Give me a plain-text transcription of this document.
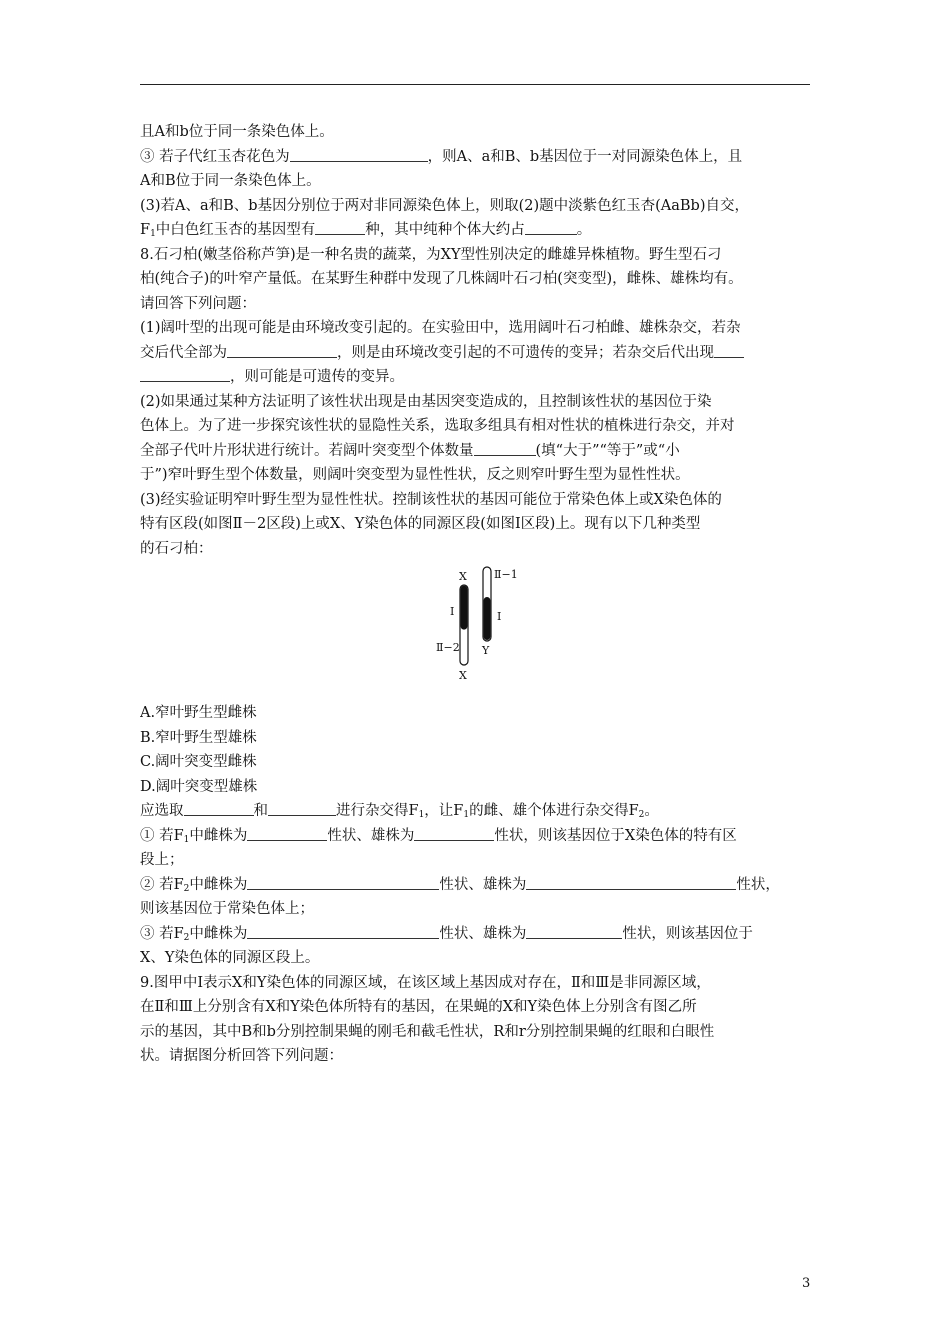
且A和b位于同一条染色体上。
③ 若子代红玉杏花色为	，则A、a和B、b基因位于一对同源染色体上，且
A和B位于同一条染色体上。
(3)若A、a和B、b基因分别位于两对非同源染色体上，则取(2)题中淡紫色红玉杏(AaBb)自交，
$F_1$中白色红玉杏的基因型有	种，其中纯种个体大约占	。
8.石刁柏(嫩茎俗称芦笋)是一种名贵的蔬菜，为XY型性别决定的雌雄异株植物。野生型石刁
柏(纯合子)的叶窄产量低。在某野生种群中发现了几株阔叶石刁柏(突变型)，雌株、雄株均有。
请回答下列问题：
(1)阔叶型的出现可能是由环境改变引起的。在实验田中，选用阔叶石刁柏雌、雄株杂交，若杂
交后代全部为	，则是由环境改变引起的不可遗传的变异；若杂交后代出现
，则可能是可遗传的变异。
(2)如果通过某种方法证明了该性状出现是由基因突变造成的，且控制该性状的基因位于染
色体上。为了进一步探究该性状的显隐性关系，选取多组具有相对性状的植株进行杂交，并对
全部子代叶片形状进行统计。若阔叶突变型个体数量	(填“大于”“等于”或“小
于”)窄叶野生型个体数量，则阔叶突变型为显性性状，反之则窄叶野生型为显性性状。
(3)经实验证明窄叶野生型为显性性状。控制该性状的基因可能位于常染色体上或X染色体的
特有区段(如图Ⅱ－2区段)上或X、Y染色体的同源区段(如图Ⅰ区段)上。现有以下几种类型
的石刁柏：
X
Ⅰ
Ⅱ−2
X
Ⅱ−1
Ⅰ
Y
A.窄叶野生型雌株
B.窄叶野生型雄株
C.阔叶突变型雌株
D.阔叶突变型雄株
应选取	和	进行杂交得$F_1$，让$F_1$的雌、雄个体进行杂交得$F_2$。
① 若$F_1$中雌株为	性状、雄株为	性状，则该基因位于X染色体的特有区
段上；
② 若$F_2$中雌株为	性状、雄株为	性状，
则该基因位于常染色体上；
③ 若$F_2$中雌株为	性状、雄株为	性状，则该基因位于
X、Y染色体的同源区段上。
9.图甲中Ⅰ表示X和Y染色体的同源区域，在该区域上基因成对存在，Ⅱ和Ⅲ是非同源区域，
在Ⅱ和Ⅲ上分别含有X和Y染色体所特有的基因，在果蝇的X和Y染色体上分别含有图乙所
示的基因，其中B和b分别控制果蝇的刚毛和截毛性状，R和r分别控制果蝇的红眼和白眼性
状。请据图分析回答下列问题：
3
